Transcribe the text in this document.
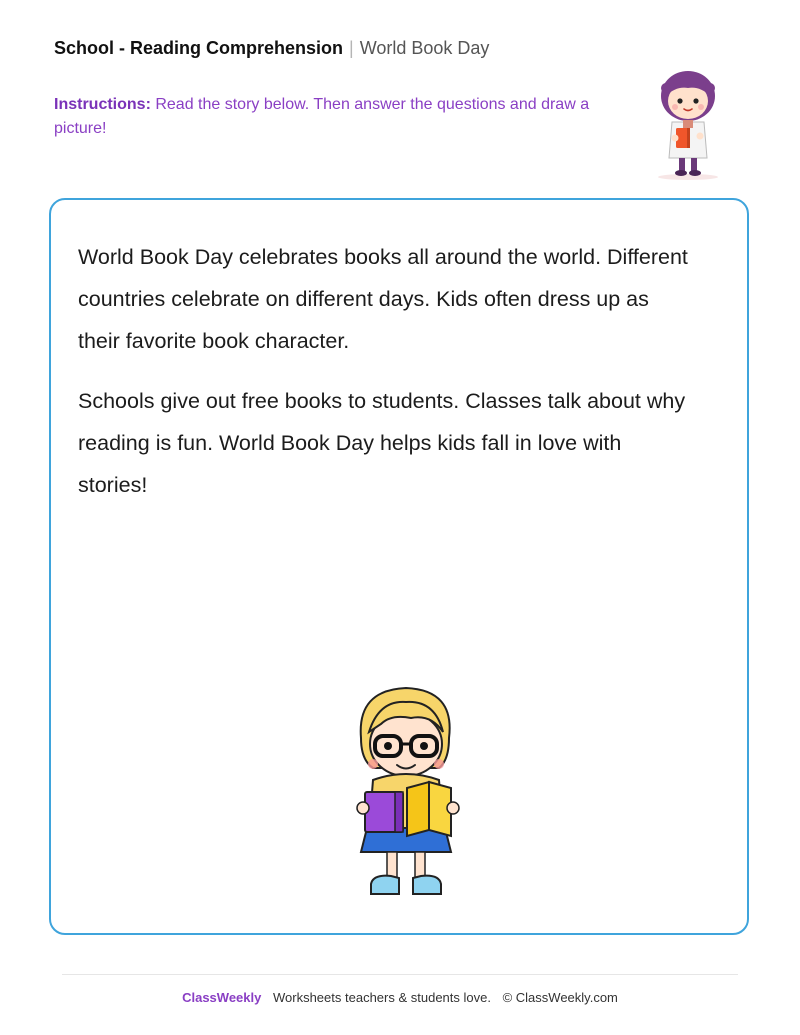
School - Reading Comprehension | World Book Day
Instructions: Read the story below. Then answer the questions and draw a picture!

World Book Day celebrates books all around the world. Different countries celebrate on different days. Kids often dress up as their favorite book character.

Schools give out free books to students. Classes talk about why reading is fun. World Book Day helps kids fall in love with stories!

ClassWeekly Worksheets teachers & students love. © ClassWeekly.com
